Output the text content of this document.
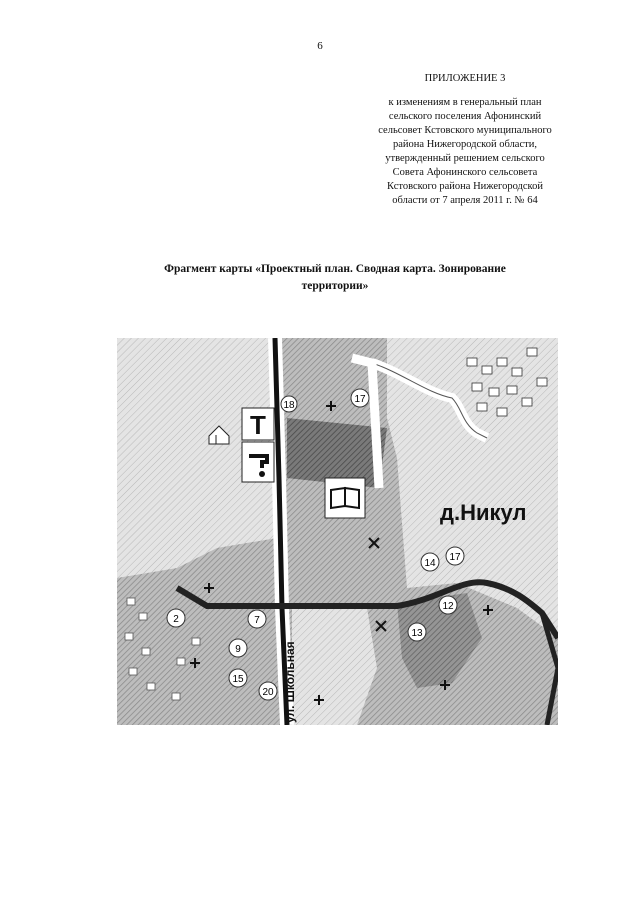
6
ПРИЛОЖЕНИЕ 3
к изменениям в генеральный план
сельского поселения Афонинский
сельсовет Кстовского муниципального
района Нижегородской области,
утвержденный решением сельского
Совета Афонинского сельсовета
Кстовского района Нижегородской
области от 7 апреля 2011 г. № 64
Фрагмент карты «Проектный план. Сводная карта. Зонирование
территории»
T
д.Никул
ул. Школьная
18
17
14
17
12
13
2	7
9
15
20
